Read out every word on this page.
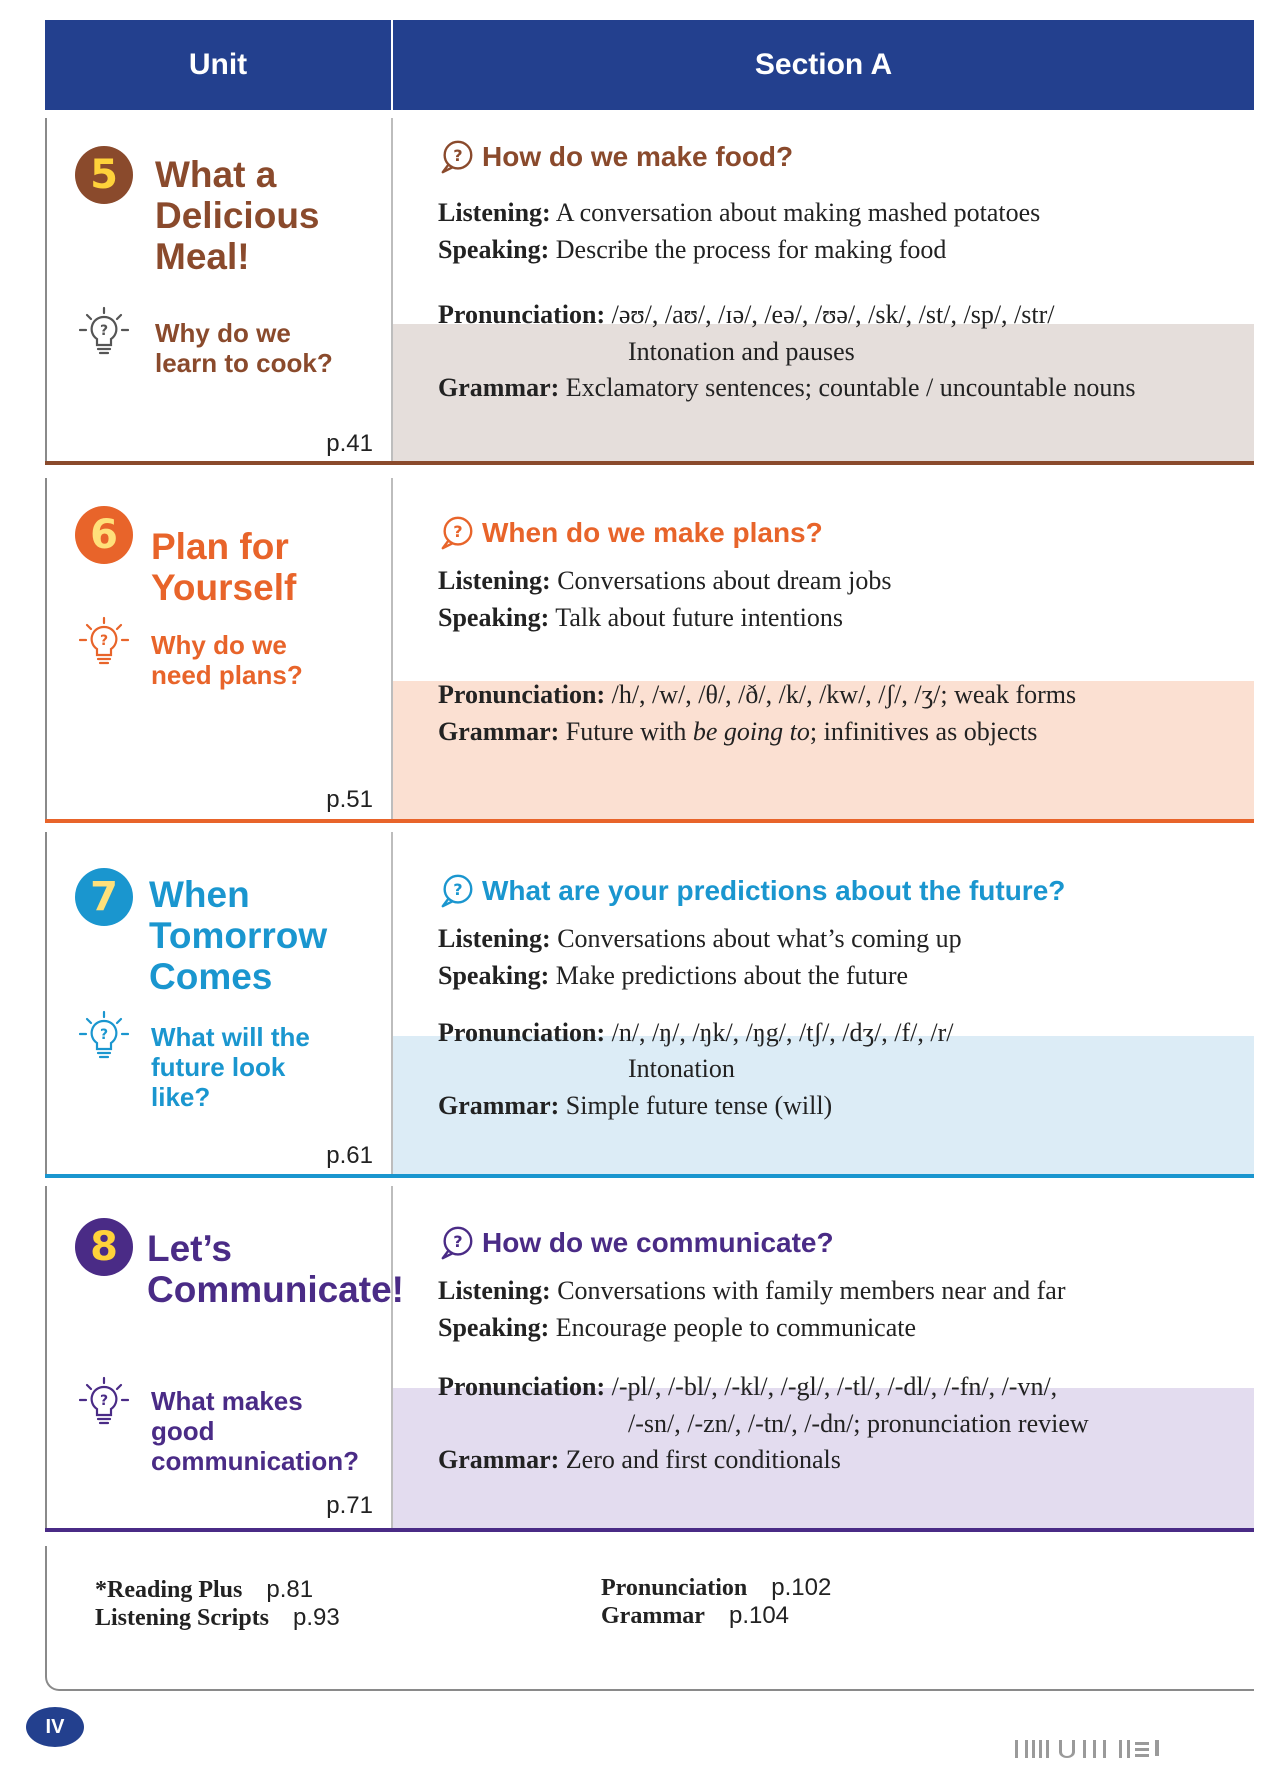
Unit	Section A
5	What a
Delicious
Meal!
? Why do we
learn to cook?
p.41
? How do we make food?
Listening: A conversation about making mashed potatoes
Speaking: Describe the process for making food
Pronunciation: /əʊ/, /aʊ/, /ɪə/, /eə/, /ʊə/, /sk/, /st/, /sp/, /str/
Intonation and pauses
Grammar: Exclamatory sentences; countable / uncountable nouns
6 Plan for
Yourself
? Why do we
need plans?
p.51
? When do we make plans?
Listening: Conversations about dream jobs
Speaking: Talk about future intentions
Pronunciation: /h/, /w/, /θ/, /ð/, /k/, /kw/, /ʃ/, /ʒ/; weak forms
Grammar: Future with be going to; infinitives as objects
7 When
Tomorrow
Comes
? What will the
future look
like?
p.61
? What are your predictions about the future?
Listening: Conversations about what’s coming up
Speaking: Make predictions about the future
Pronunciation: /n/, /ŋ/, /ŋk/, /ŋg/, /tʃ/, /dʒ/, /f/, /r/
Intonation
Grammar: Simple future tense (will)
8 Let’s
Communicate!
? What makes
good
communication?
p.71
? How do we communicate?
Listening: Conversations with family members near and far
Speaking: Encourage people to communicate
Pronunciation: /-pl/, /-bl/, /-kl/, /-gl/, /-tl/, /-dl/, /-fn/, /-vn/,
/-sn/, /-zn/, /-tn/, /-dn/; pronunciation review
Grammar: Zero and first conditionals
*Reading Plus p.81
Listening Scripts p.93
Pronunciation p.102
Grammar p.104
IV
